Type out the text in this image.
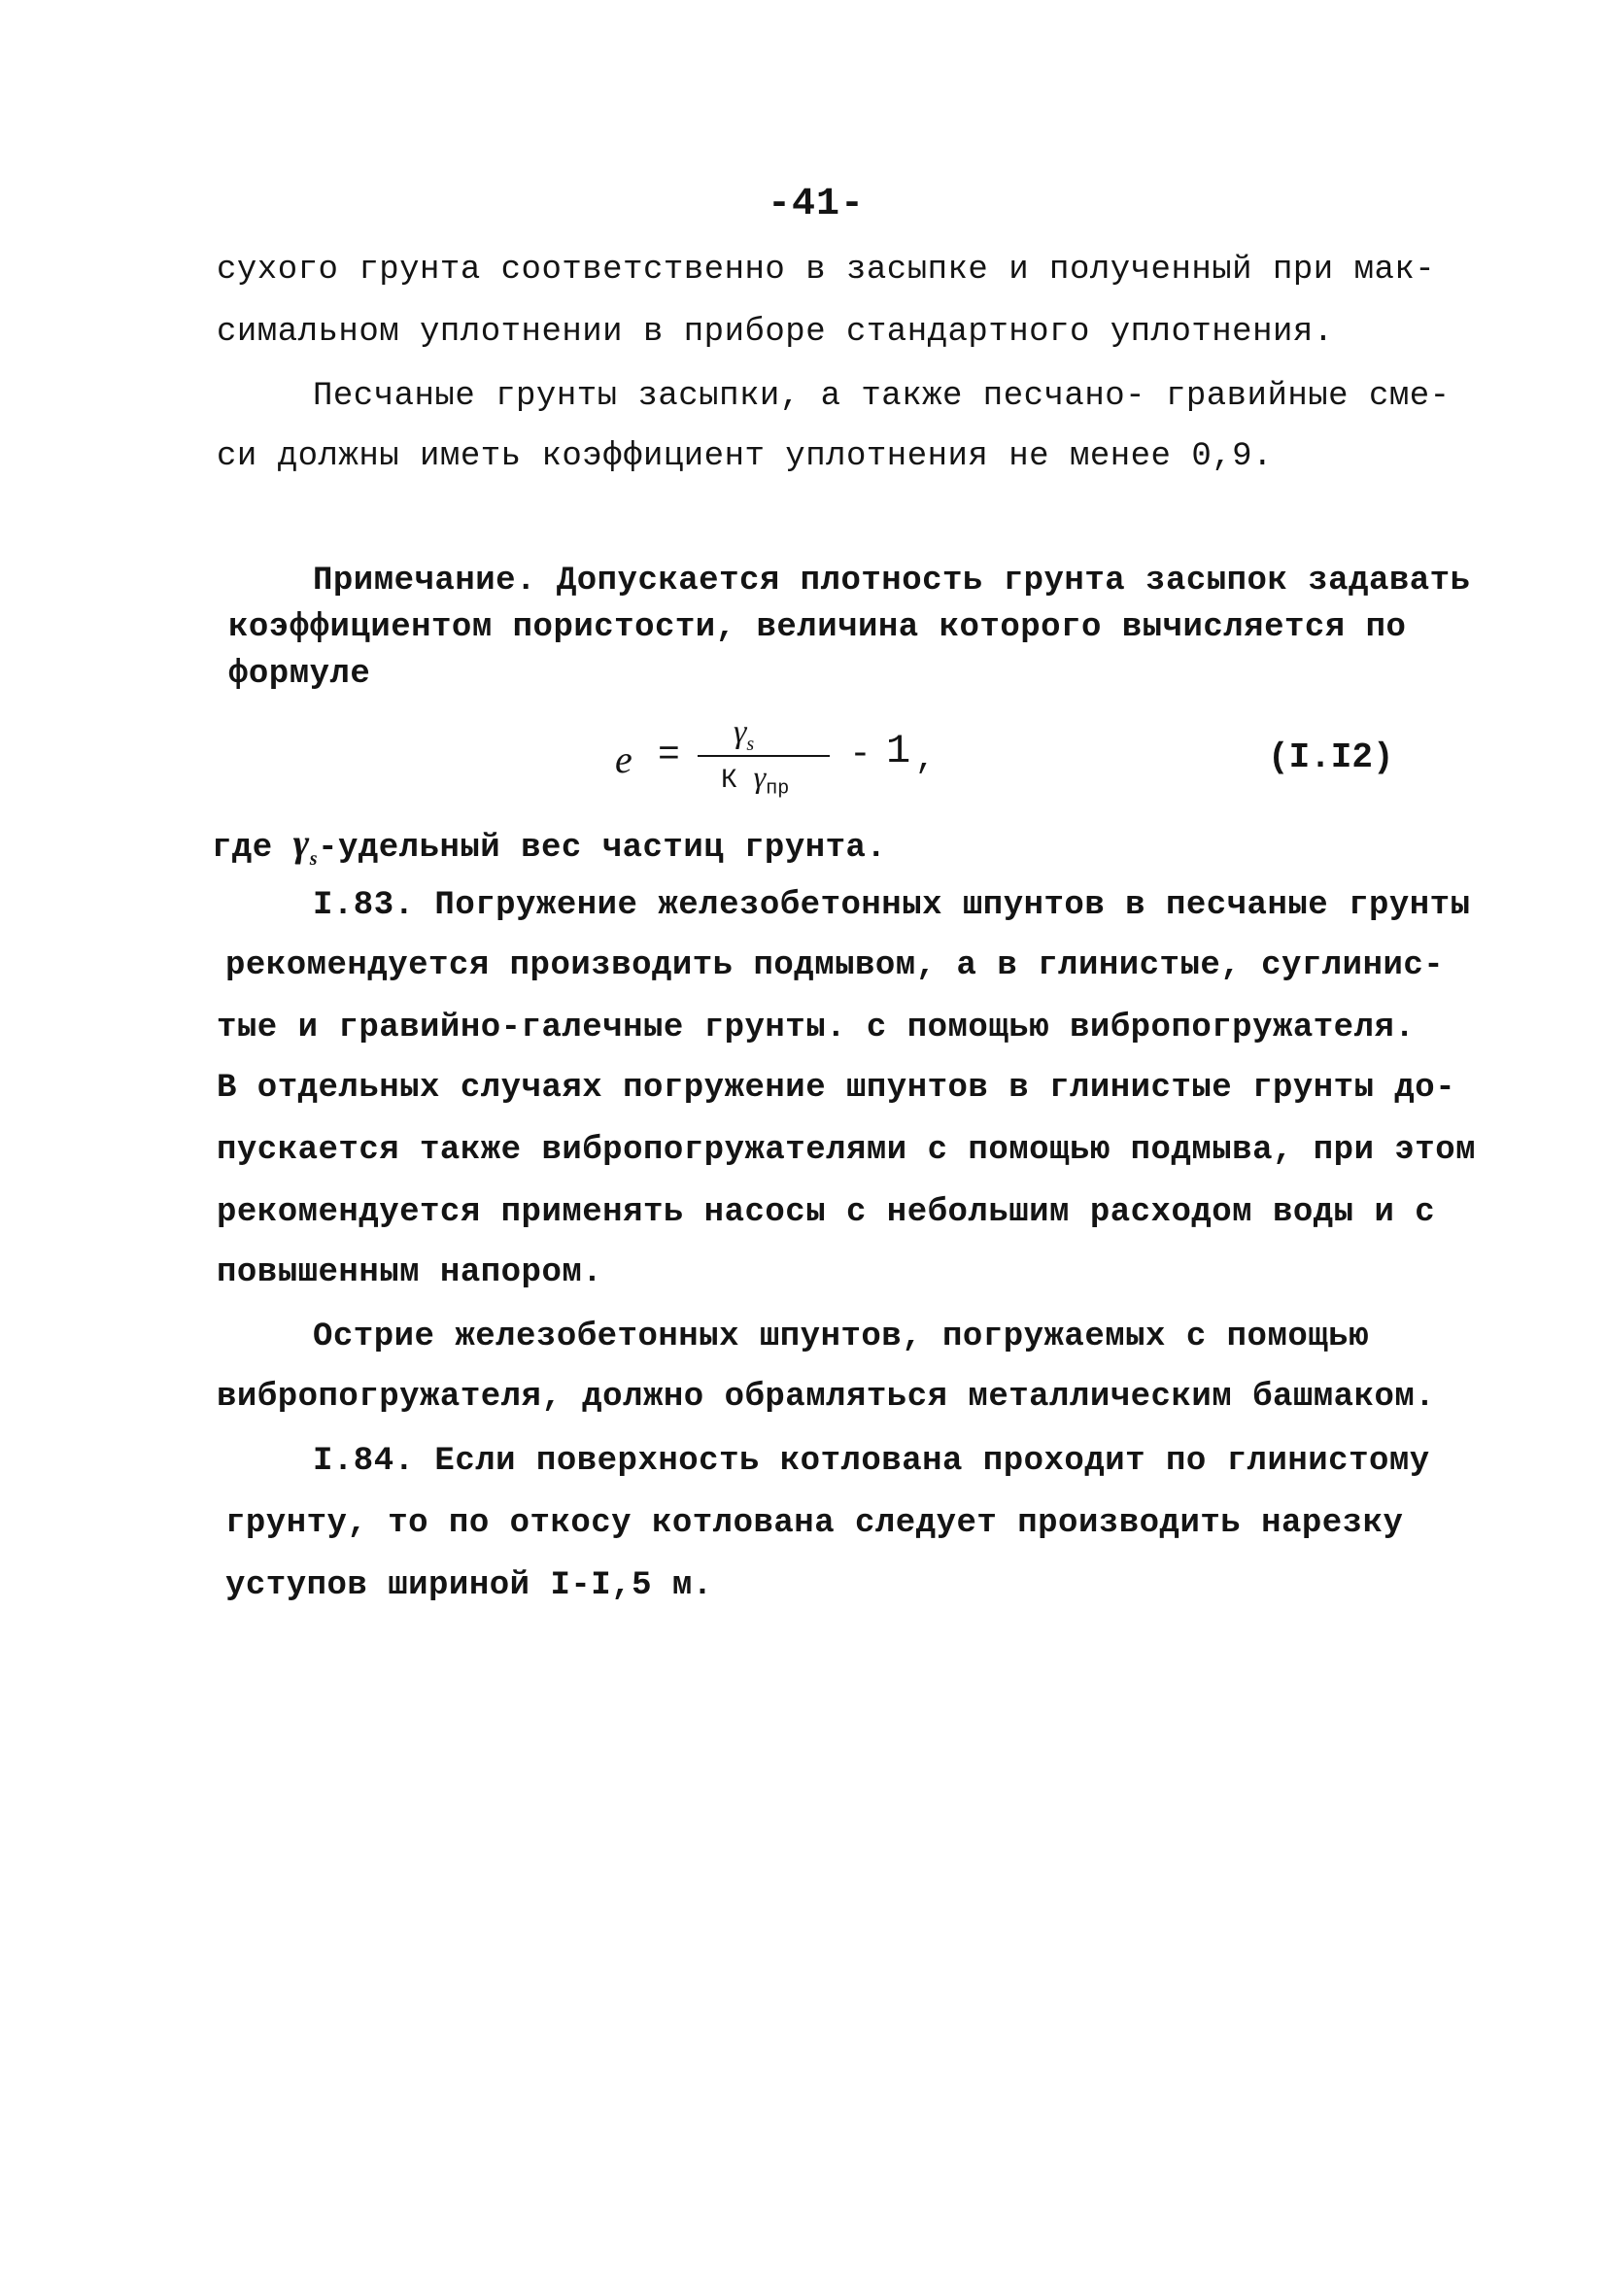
-41-
сухого грунта соответственно в засыпке и полученный при мак-
симальном уплотнении в приборе стандартного уплотнения.
Песчаные грунты засыпки, а также песчано- гравийные сме-
си должны иметь коэффициент уплотнения не менее 0,9.
Примечание. Допускается плотность грунта засыпок задавать
коэффициентом пористости, величина которого вычисляется по
формуле
e =
$\gamma_s$
К $\gamma_{пр}$
- 1 ,	(I.I2)
где $\gamma_s$-удельный вес частиц грунта.
I.83. Погружение железобетонных шпунтов в песчаные грунты
рекомендуется производить подмывом, а в глинистые, суглинис-
тые и гравийно-галечные грунты. с помощью вибропогружателя.
В отдельных случаях погружение шпунтов в глинистые грунты до-
пускается также вибропогружателями с помощью подмыва, при этом
рекомендуется применять насосы с небольшим расходом воды и с
повышенным напором.
Острие железобетонных шпунтов, погружаемых с помощью
вибропогружателя, должно обрамляться металлическим башмаком.
I.84. Если поверхность котлована проходит по глинистому
грунту, то по откосу котлована следует производить нарезку
уступов шириной I-I,5 м.
